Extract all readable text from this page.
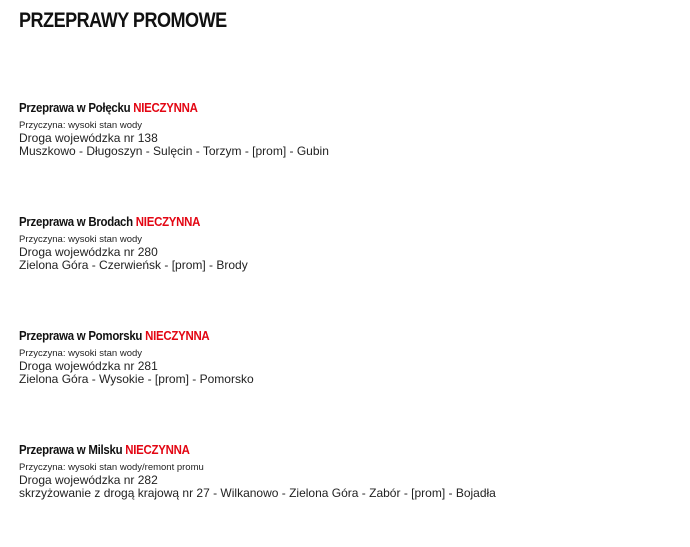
PRZEPRAWY PROMOWE

Przeprawa w Połęcku NIECZYNNA

Przyczyna: wysoki stan wody
Droga wojewódzka nr 138
Muszkowo - Długoszyn - Sulęcin - Torzym - [prom] - Gubin

Przeprawa w Brodach NIECZYNNA

Przyczyna: wysoki stan wody
Droga wojewódzka nr 280
Zielona Góra - Czerwieńsk - [prom] - Brody

Przeprawa w Pomorsku NIECZYNNA

Przyczyna: wysoki stan wody
Droga wojewódzka nr 281
Zielona Góra - Wysokie - [prom] - Pomorsko

Przeprawa w Milsku NIECZYNNA

Przyczyna: wysoki stan wody/remont promu
Droga wojewódzka nr 282
skrzyżowanie z drogą krajową nr 27 - Wilkanowo - Zielona Góra - Zabór - [prom] - Bojadła
